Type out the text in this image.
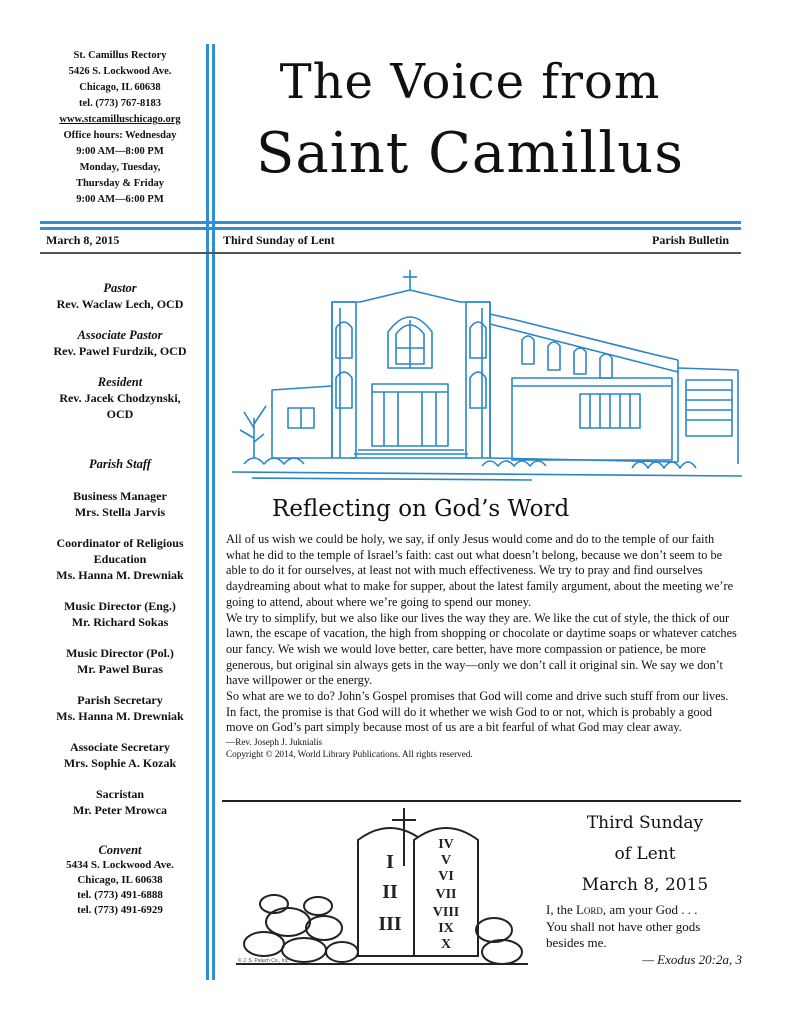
St. Camillus Rectory
5426 S. Lockwood Ave.
Chicago, IL 60638
tel. (773) 767-8183
www.stcamilluschicago.org
Office hours: Wednesday
9:00 AM—8:00 PM
Monday, Tuesday,
Thursday & Friday
9:00 AM—6:00 PM
The Voice from
Saint Camillus
March 8, 2015	Third Sunday of Lent	Parish Bulletin
Pastor
Rev. Waclaw Lech, OCD
Associate Pastor
Rev. Pawel Furdzik, OCD
Resident
Rev. Jacek Chodzynski, OCD
Parish Staff
Business Manager
Mrs. Stella Jarvis
Coordinator of Religious Education
Ms. Hanna M. Drewniak
Music Director (Eng.)
Mr. Richard Sokas
Music Director (Pol.)
Mr. Pawel Buras
Parish Secretary
Ms. Hanna M. Drewniak
Associate Secretary
Mrs. Sophie A. Kozak
Sacristan
Mr. Peter Mrowca
Convent
5434 S. Lockwood Ave.
Chicago, IL 60638
tel. (773) 491-6888
tel. (773) 491-6929
Reflecting on God’s Word

All of us wish we could be holy, we say, if only Jesus would come and do to the temple of our faith what he did to the temple of Israel’s faith: cast out what doesn’t belong, because we don’t seem to be able to do it for ourselves, at least not with much effectiveness. We try to pray and find ourselves daydreaming about what to make for supper, about the latest family argument, about the meeting we’re going to attend, about where we’re going to spend our money.

We try to simplify, but we also like our lives the way they are. We like the cut of style, the thick of our lawn, the escape of vacation, the high from shopping or chocolate or daytime soaps or whatever catches our fancy. We wish we would love better, care better, have more compassion or patience, be more generous, but original sin always gets in the way—only we don’t call it original sin. We say we don’t have willpower or the energy.

So what are we to do? John’s Gospel promises that God will come and drive such stuff from our lives. In fact, the promise is that God will do it whether we wish God to or not, which is probably a good move on God’s part simply because most of us are a bit fearful of what God may clear away.

—Rev. Joseph J. Juknialis
Copyright © 2014, World Library Publications. All rights reserved.
I
II
III
IV
V
VI
VII
VIII
IX
X
© J. S. Paluch Co., Inc.
Third Sunday
of Lent
March 8, 2015
I, the Lord, am your God . . .
You shall not have other gods
besides me.
— Exodus 20:2a, 3
